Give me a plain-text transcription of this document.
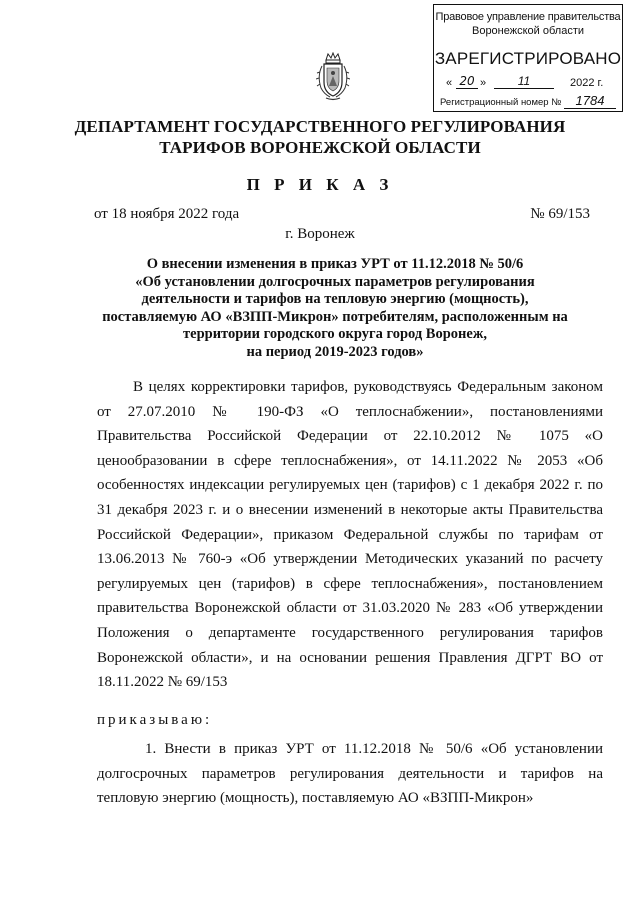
Правовое управление правительства
Воронежской области
ЗАРЕГИСТРИРОВАНО
« 20 »	11	2022 г.
Регистрационный номер №	1784
ДЕПАРТАМЕНТ ГОСУДАРСТВЕННОГО РЕГУЛИРОВАНИЯ
ТАРИФОВ ВОРОНЕЖСКОЙ ОБЛАСТИ
П Р И К А З
от 18 ноября 2022 года	№ 69/153
г. Воронеж
О внесении изменения в приказ УРТ от 11.12.2018 № 50/6
«Об установлении долгосрочных параметров регулирования
деятельности и тарифов на тепловую энергию (мощность),
поставляемую АО «ВЗПП-Микрон» потребителям, расположенным на
территории городского округа город Воронеж,
на период 2019-2023 годов»
В целях корректировки тарифов, руководствуясь Федеральным законом от 27.07.2010 № 190-ФЗ «О теплоснабжении», постановлениями Правительства Российской Федерации от 22.10.2012 № 1075 «О ценообразовании в сфере теплоснабжения», от 14.11.2022 № 2053 «Об особенностях индексации регулируемых цен (тарифов) с 1 декабря 2022 г. по 31 декабря 2023 г. и о внесении изменений в некоторые акты Правительства Российской Федерации», приказом Федеральной службы по тарифам от 13.06.2013 № 760-э «Об утверждении Методических указаний по расчету регулируемых цен (тарифов) в сфере теплоснабжения», постановлением правительства Воронежской области от 31.03.2020 № 283 «Об утверждении Положения о департаменте государственного регулирования тарифов Воронежской области», и на основании решения Правления ДГРТ ВО от 18.11.2022 № 69/153
приказываю:
1. Внести в приказ УРТ от 11.12.2018 № 50/6 «Об установлении долгосрочных параметров регулирования деятельности и тарифов на тепловую энергию (мощность), поставляемую АО «ВЗПП-Микрон»
